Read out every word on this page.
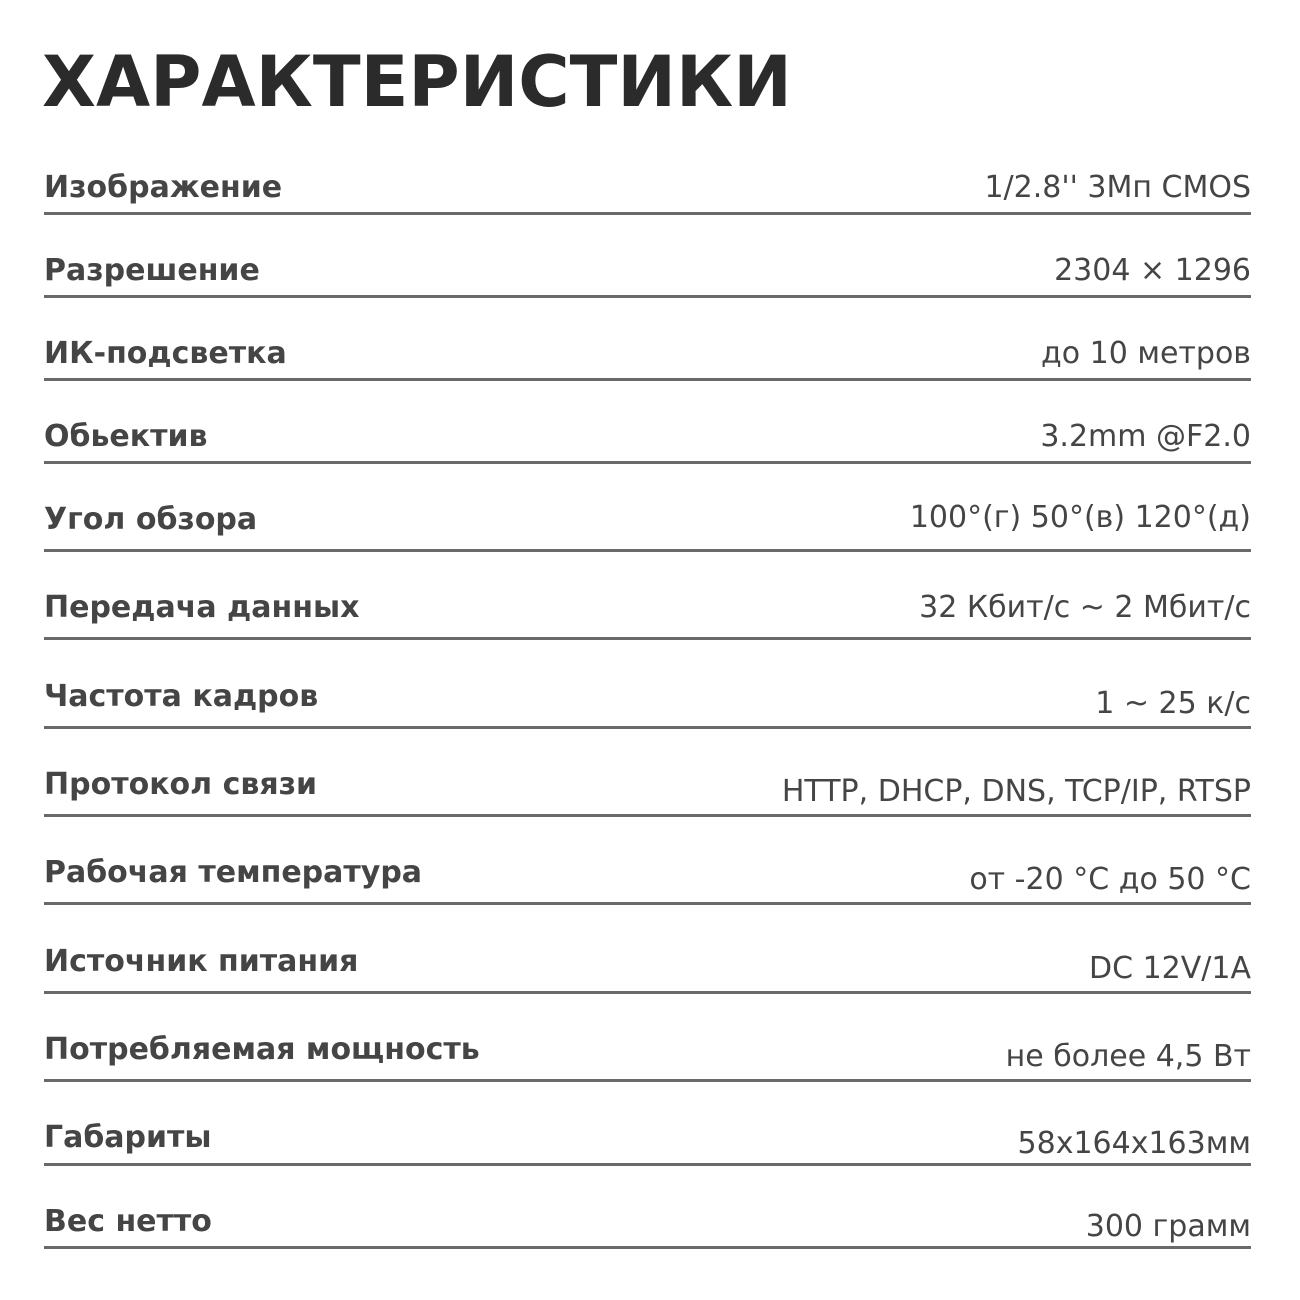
ХАРАКТЕРИСТИКИ
Изображение	1/2.8'' 3Мп CMOS
Разрешение	2304 × 1296
ИК-подсветка	до 10 метров
Обьектив	3.2mm @F2.0
Угол обзора	100°(г) 50°(в) 120°(д)
Передача данных	32 Кбит/с ~ 2 Мбит/с
Частота кадров	1 ~ 25 к/с
Протокол связи	HTTP, DHCP, DNS, TCP/IP, RTSP
Рабочая температура	от -20 °С до 50 °С
Источник питания	DC 12V/1A
Потребляемая мощность	не более 4,5 Вт
Габариты	58х164х163мм
Вес нетто	300 грамм
